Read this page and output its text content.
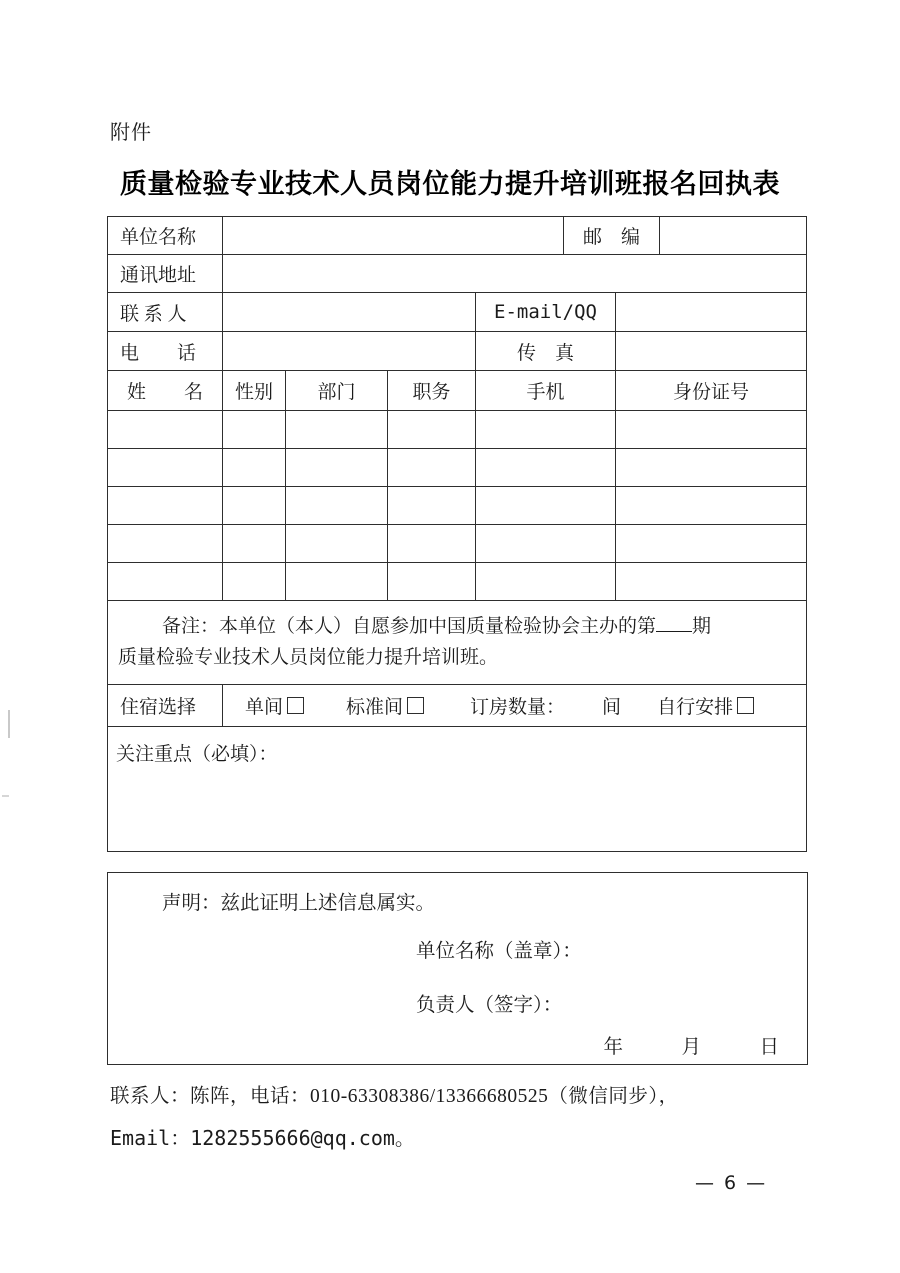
附件
质量检验专业技术人员岗位能力提升培训班报名回执表
单位名称					邮　编		
通讯地址							
联 系 人				E-mail/QQ			
电　　话				传　真			
姓　　名	性别	部门	职务	手机		身份证号	

备注：本单位（本人）自愿参加中国质量检验协会主办的第 期
质量检验专业技术人员岗位能力提升培训班。							

住宿选择	单间 标准间 订房数量： 间 自行安排						

关注重点（必填）：							
声明：兹此证明上述信息属实。
单位名称（盖章）：
负责人（签字）：
年　　　月　　　日
联系人：陈阵，电话：010-63308386/13366680525（微信同步），
Email：1282555666@qq.com。
— 6 —
